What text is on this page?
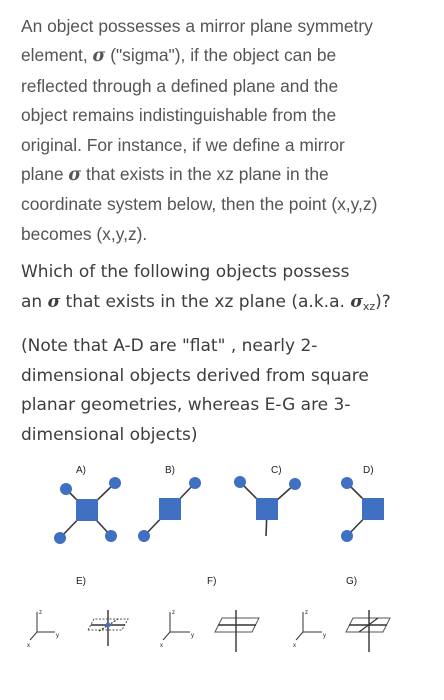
An object possesses a mirror plane symmetry
element, σ ("sigma"), if the object can be
reflected through a defined plane and the
object remains indistinguishable from the
original. For instance, if we define a mirror
plane σ that exists in the xz plane in the
coordinate system below, then the point (x,y,z)
becomes (x,y,z).
Which of the following objects possess
an σ that exists in the xz plane (a.k.a. $\sigma_{xz}$)?
(Note that A-D are "flat" , nearly 2-
dimensional objects derived from square
planar geometries, whereas E-G are 3-
dimensional objects)
A)	B)	C)	D)
E)	F)	G)
z
y
x
z
y
x
z
y
x
